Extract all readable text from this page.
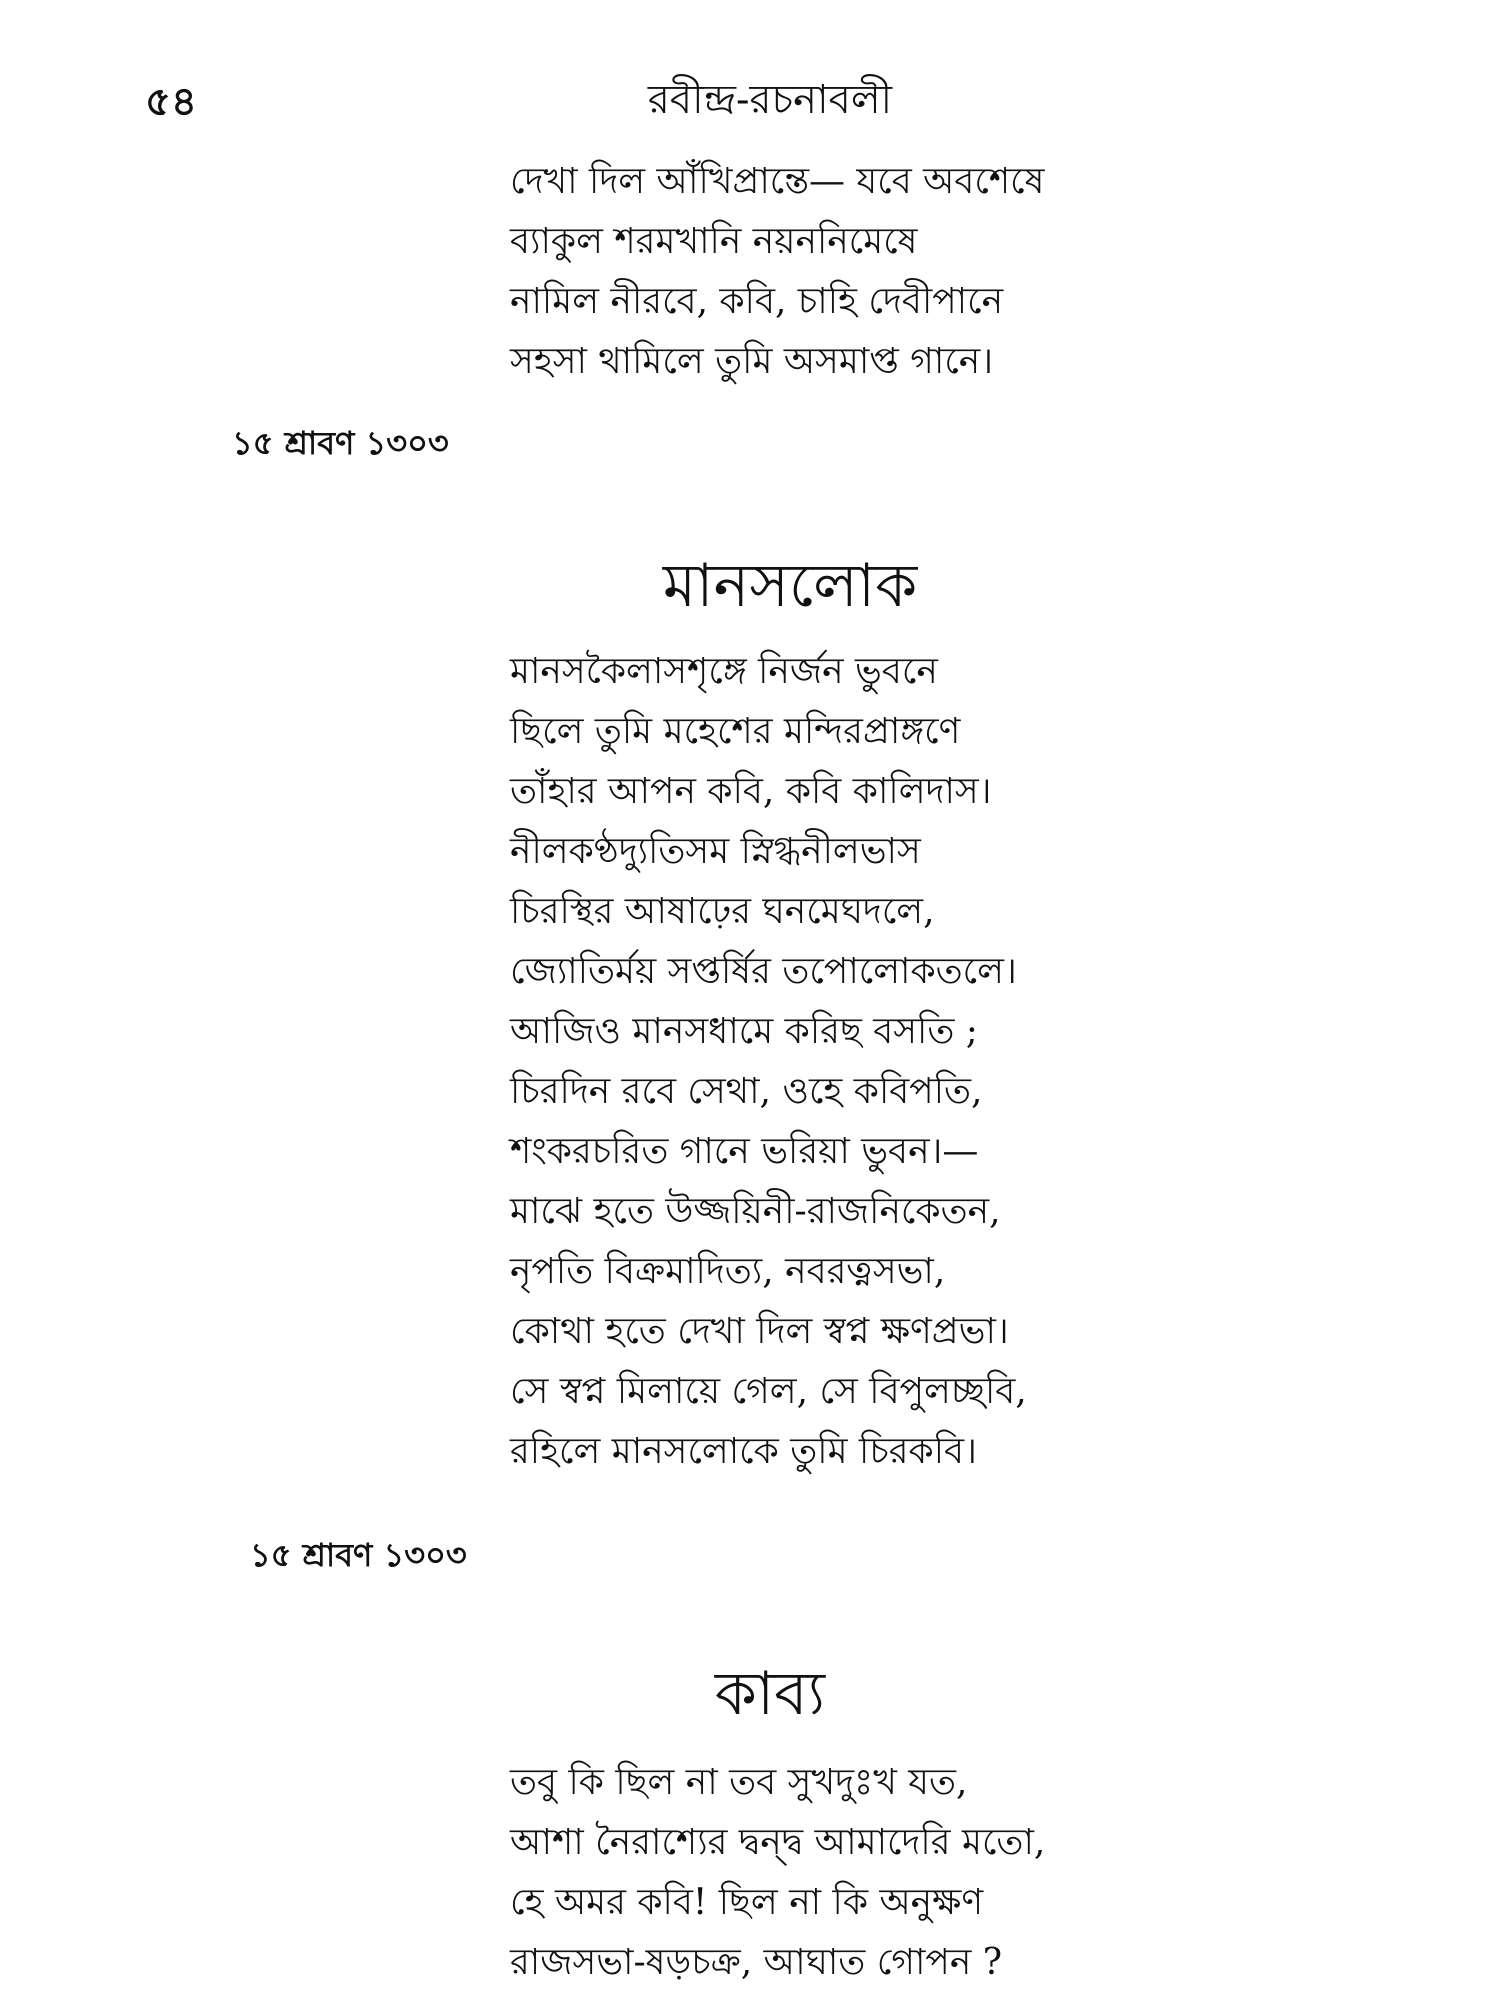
৫৪	রবীন্দ্র-রচনাবলী
দেখা দিল আঁখিপ্রান্তে— যবে অবশেষে
ব্যাকুল শরমখানি নয়ননিমেষে
নামিল নীরবে, কবি, চাহি দেবীপানে
সহসা থামিলে তুমি অসমাপ্ত গানে।
১৫ শ্রাবণ ১৩০৩
মানসলোক
মানসকৈলাসশৃঙ্গে নির্জন ভুবনে
ছিলে তুমি মহেশের মন্দিরপ্রাঙ্গণে
তাঁহার আপন কবি, কবি কালিদাস।
নীলকণ্ঠদ্যুতিসম স্নিগ্ধনীলভাস
চিরস্থির আষাঢ়ের ঘনমেঘদলে,
জ্যোতির্ময় সপ্তর্ষির তপোলোকতলে।
আজিও মানসধামে করিছ বসতি ;
চিরদিন রবে সেথা, ওহে কবিপতি,
শংকরচরিত গানে ভরিয়া ভুবন।—
মাঝে হতে উজ্জয়িনী-রাজনিকেতন,
নৃপতি বিক্রমাদিত্য, নবরত্নসভা,
কোথা হতে দেখা দিল স্বপ্ন ক্ষণপ্রভা।
সে স্বপ্ন মিলায়ে গেল, সে বিপুলচ্ছবি,
রহিলে মানসলোকে তুমি চিরকবি।
১৫ শ্রাবণ ১৩০৩
কাব্য
তবু কি ছিল না তব সুখদুঃখ যত,
আশা নৈরাশ্যের দ্বন্দ্ব আমাদেরি মতো,
হে অমর কবি! ছিল না কি অনুক্ষণ
রাজসভা-ষড়চক্র, আঘাত গোপন ?
